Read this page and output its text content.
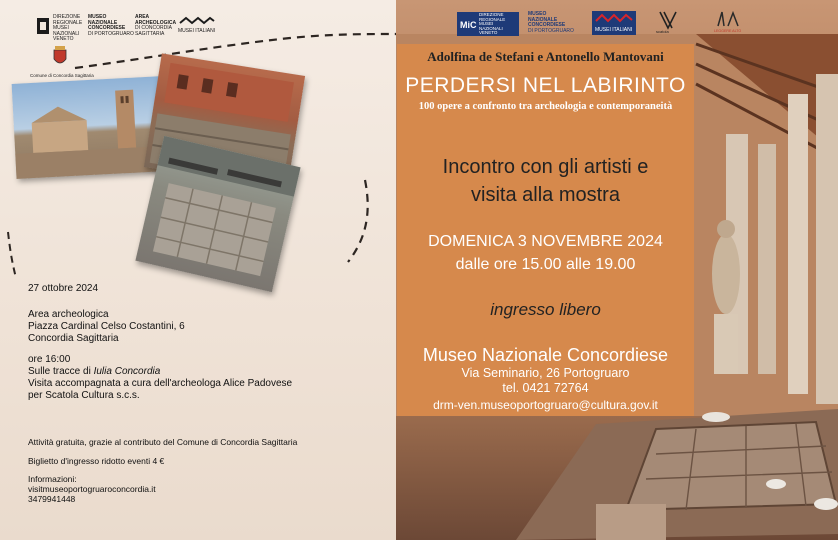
DIREZIONE
REGIONALE
MUSEI
NAZIONALI
VENETO
MUSEO
NAZIONALE
CONCORDIESE
DI PORTOGRUARO
AREA
ARCHEOLOGICA
DI CONCORDIA
SAGITTARIA	MUSEI ITALIANI
Comune di Concordia Sagittaria
27 ottobre 2024
Area archeologica
Piazza Cardinal Celso Costantini, 6
Concordia Sagittaria
ore 16:00
Sulle tracce di Iulia Concordia
Visita accompagnata a cura dell'archeologa Alice Padovese
per Scatola Cultura s.c.s.
Attività gratuita, grazie al contributo del Comune di Concordia Sagittaria
Biglietto d'ingresso ridotto eventi 4 €
Informazioni:
visitmuseoportogruaroconcordia.it
3479941448
MiC
DIREZIONE
REGIONALE
MUSEI
NAZIONALI
VENETO
MUSEO
NAZIONALE
CONCORDIESE
DI PORTOGRUARO	MUSEI ITALIANI	scatola	LEGGERE ALTO
Adolfina de Stefani e Antonello Mantovani
PERDERSI NEL LABIRINTO
100 opere a confronto tra archeologia e contemporaneità
Incontro con gli artisti e
visita alla mostra
DOMENICA 3 NOVEMBRE 2024
dalle ore 15.00 alle 19.00
ingresso libero
Museo Nazionale Concordiese
Via Seminario, 26 Portogruaro
tel. 0421 72764
drm-ven.museoportogruaro@cultura.gov.it
